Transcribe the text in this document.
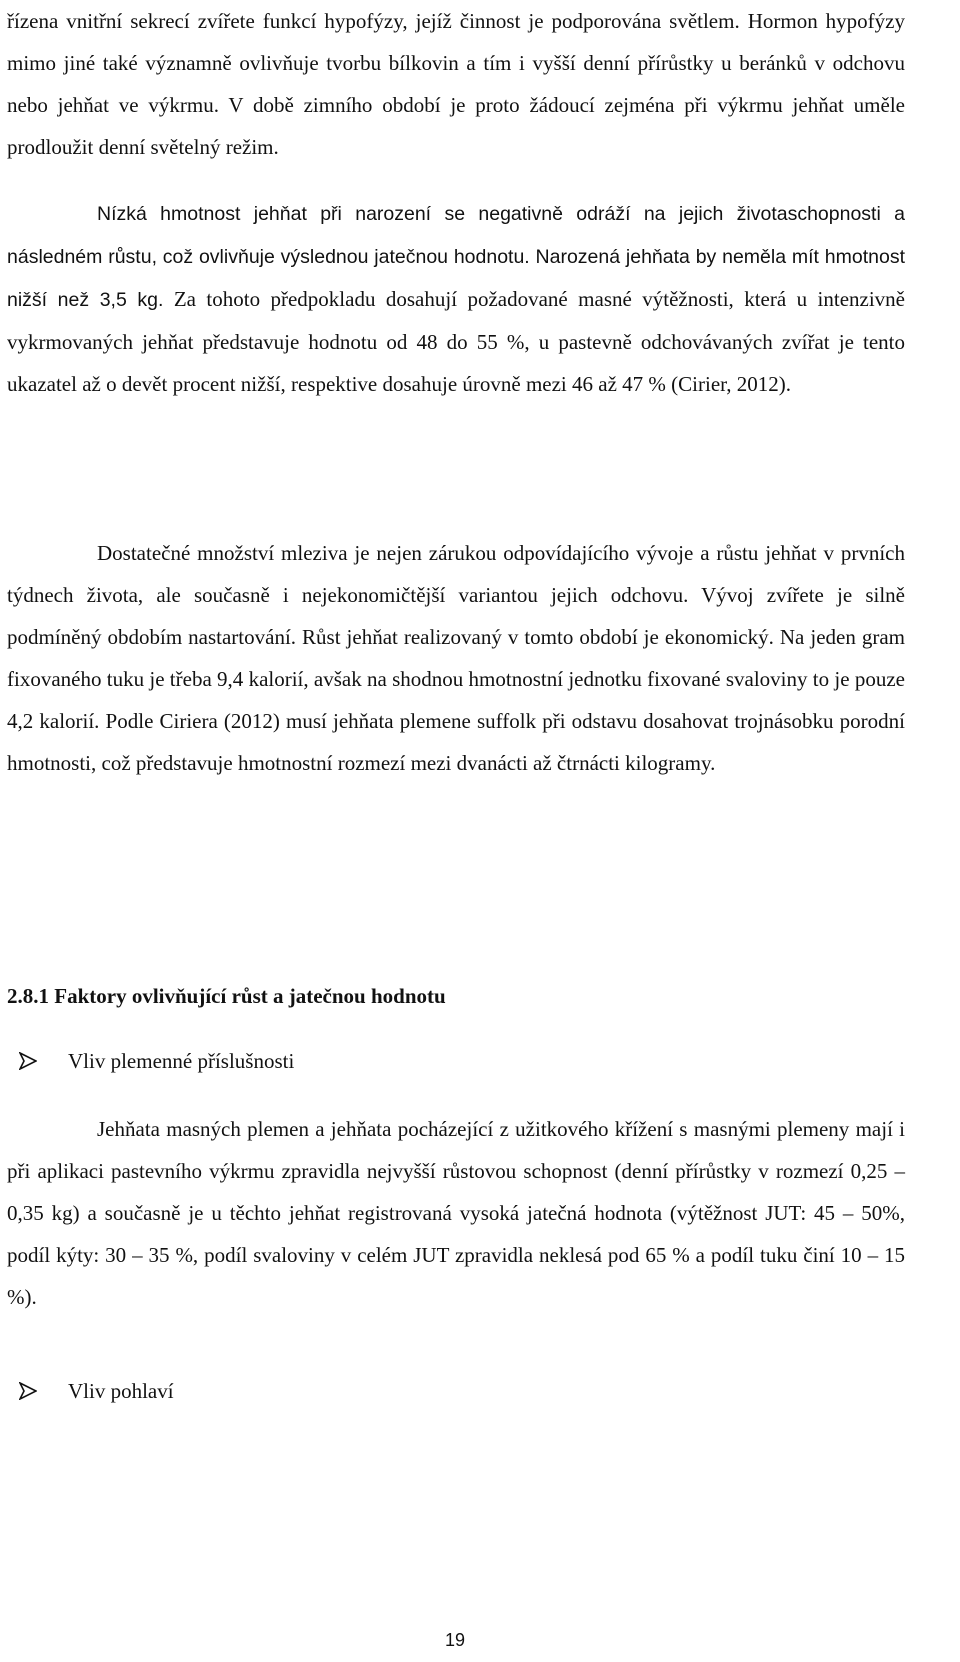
řízena vnitřní sekrecí zvířete funkcí hypofýzy, jejíž činnost je podporována světlem. Hormon hypofýzy mimo jiné také významně ovlivňuje tvorbu bílkovin a tím i vyšší denní přírůstky u beránků v odchovu nebo jehňat ve výkrmu. V době zimního období je proto žádoucí zejména při výkrmu jehňat uměle prodloužit denní světelný režim.

Nízká hmotnost jehňat při narození se negativně odráží na jejich životaschopnosti a následném růstu, což ovlivňuje výslednou jatečnou hodnotu. Narozená jehňata by neměla mít hmotnost nižší než 3,5 kg. Za tohoto předpokladu dosahují požadované masné výtěžnosti, která u intenzivně vykrmovaných jehňat představuje hodnotu od 48 do 55 %, u pastevně odchovávaných zvířat je tento ukazatel až o devět procent nižší, respektive dosahuje úrovně mezi 46 až 47 % (Cirier, 2012).

Dostatečné množství mleziva je nejen zárukou odpovídajícího vývoje a růstu jehňat v prvních týdnech života, ale současně i nejekonomičtější variantou jejich odchovu. Vývoj zvířete je silně podmíněný obdobím nastartování. Růst jehňat realizovaný v tomto období je ekonomický. Na jeden gram fixovaného tuku je třeba 9,4 kalorií, avšak na shodnou hmotnostní jednotku fixované svaloviny to je pouze 4,2 kalorií. Podle Ciriera (2012) musí jehňata plemene suffolk při odstavu dosahovat trojnásobku porodní hmotnosti, což představuje hmotnostní rozmezí mezi dvanácti až čtrnácti kilogramy.

2.8.1 Faktory ovlivňující růst a jatečnou hodnotu
Vliv plemenné příslušnosti

Jehňata masných plemen a jehňata pocházející z užitkového křížení s masnými plemeny mají i při aplikaci pastevního výkrmu zpravidla nejvyšší růstovou schopnost (denní přírůstky v rozmezí 0,25 – 0,35 kg) a současně je u těchto jehňat registrovaná vysoká jatečná hodnota (výtěžnost JUT: 45 – 50%, podíl kýty: 30 – 35 %, podíl svaloviny v celém JUT zpravidla neklesá pod 65 % a podíl tuku činí 10 – 15 %).

Vliv pohlaví
19
